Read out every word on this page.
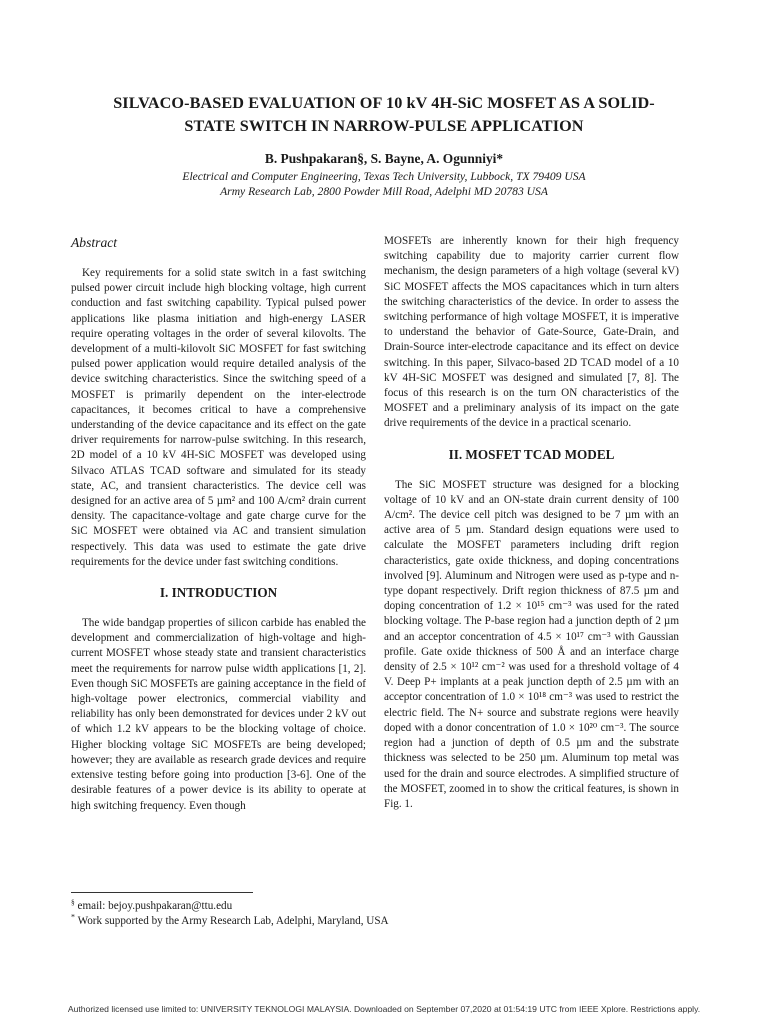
SILVACO-BASED EVALUATION OF 10 kV 4H-SiC MOSFET AS A SOLID-
STATE SWITCH IN NARROW-PULSE APPLICATION
B. Pushpakaran§, S. Bayne, A. Ogunniyi*
Electrical and Computer Engineering, Texas Tech University, Lubbock, TX 79409 USA
Army Research Lab, 2800 Powder Mill Road, Adelphi MD 20783 USA
Abstract

Key requirements for a solid state switch in a fast switching pulsed power circuit include high blocking voltage, high current conduction and fast switching capability. Typical pulsed power applications like plasma initiation and high-energy LASER require operating voltages in the order of several kilovolts. The development of a multi-kilovolt SiC MOSFET for fast switching pulsed power application would require detailed analysis of the device switching characteristics. Since the switching speed of a MOSFET is primarily dependent on the inter-electrode capacitances, it becomes critical to have a comprehensive understanding of the device capacitance and its effect on the gate driver requirements for narrow-pulse switching. In this research, 2D model of a 10 kV 4H-SiC MOSFET was developed using Silvaco ATLAS TCAD software and simulated for its steady state, AC, and transient characteristics. The device cell was designed for an active area of 5 µm² and 100 A/cm² drain current density. The capacitance-voltage and gate charge curve for the SiC MOSFET were obtained via AC and transient simulation respectively. This data was used to estimate the gate drive requirements for the device under fast switching conditions.

I. INTRODUCTION

The wide bandgap properties of silicon carbide has enabled the development and commercialization of high-voltage and high-current MOSFET whose steady state and transient characteristics meet the requirements for narrow pulse width applications [1, 2]. Even though SiC MOSFETs are gaining acceptance in the field of high-voltage power electronics, commercial viability and reliability has only been demonstrated for devices under 2 kV out of which 1.2 kV appears to be the blocking voltage of choice. Higher blocking voltage SiC MOSFETs are being developed; however; they are available as research grade devices and require extensive testing before going into production [3-6]. One of the desirable features of a power device is its ability to operate at high switching frequency. Even though

MOSFETs are inherently known for their high frequency switching capability due to majority carrier current flow mechanism, the design parameters of a high voltage (several kV) SiC MOSFET affects the MOS capacitances which in turn alters the switching characteristics of the device. In order to assess the switching performance of high voltage MOSFET, it is imperative to understand the behavior of Gate-Source, Gate-Drain, and Drain-Source inter-electrode capacitance and its effect on device switching. In this paper, Silvaco-based 2D TCAD model of a 10 kV 4H-SiC MOSFET was designed and simulated [7, 8]. The focus of this research is on the turn ON characteristics of the MOSFET and a preliminary analysis of its impact on the gate drive requirements of the device in a practical scenario.

II. MOSFET TCAD MODEL

The SiC MOSFET structure was designed for a blocking voltage of 10 kV and an ON-state drain current density of 100 A/cm². The device cell pitch was designed to be 7 µm with an active area of 5 µm. Standard design equations were used to calculate the MOSFET parameters including drift region characteristics, gate oxide thickness, and doping concentrations involved [9]. Aluminum and Nitrogen were used as p-type and n-type dopant respectively. Drift region thickness of 87.5 µm and doping concentration of 1.2 × 10¹⁵ cm⁻³ was used for the rated blocking voltage. The P-base region had a junction depth of 2 µm and an acceptor concentration of 4.5 × 10¹⁷ cm⁻³ with Gaussian profile. Gate oxide thickness of 500 Å and an interface charge density of 2.5 × 10¹² cm⁻² was used for a threshold voltage of 4 V. Deep P+ implants at a peak junction depth of 2.5 µm with an acceptor concentration of 1.0 × 10¹⁸ cm⁻³ was used to restrict the electric field. The N+ source and substrate regions were heavily doped with a donor concentration of 1.0 × 10²⁰ cm⁻³. The source region had a junction of depth of 0.5 µm and the substrate thickness was selected to be 250 µm. Aluminum top metal was used for the drain and source electrodes. A simplified structure of the MOSFET, zoomed in to show the critical features, is shown in Fig. 1.

§ email: bejoy.pushpakaran@ttu.edu
* Work supported by the Army Research Lab, Adelphi, Maryland, USA
Authorized licensed use limited to: UNIVERSITY TEKNOLOGI MALAYSIA. Downloaded on September 07,2020 at 01:54:19 UTC from IEEE Xplore. Restrictions apply.
